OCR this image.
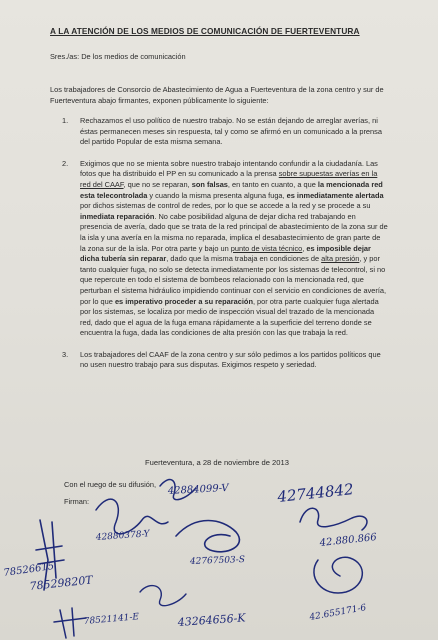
A LA ATENCIÓN DE LOS MEDIOS DE COMUNICACIÓN DE FUERTEVENTURA
Sres./as: De los medios de comunicación

Los trabajadores de Consorcio de Abastecimiento de Agua a Fuerteventura de la zona centro y sur de Fuerteventura abajo firmantes, exponen públicamente lo siguiente:

1. Rechazamos el uso político de nuestro trabajo. No se están dejando de arreglar averías, ni éstas permanecen meses sin respuesta, tal y como se afirmó en un comunicado a la prensa del partido Popular de esta misma semana.

2. Exigimos que no se mienta sobre nuestro trabajo intentando confundir a la ciudadanía. Las fotos que ha distribuido el PP en su comunicado a la prensa sobre supuestas averías en la red del CAAF, que no se reparan, son falsas, en tanto en cuanto, a que la mencionada red esta telecontrolada y cuando la misma presenta alguna fuga, es inmediatamente alertada por dichos sistemas de control de redes, por lo que se accede a la red y se procede a su inmediata reparación. No cabe posibilidad alguna de dejar dicha red trabajando en presencia de avería, dado que se trata de la red principal de abastecimiento de la zona sur de la isla y una avería en la misma no reparada, implica el desabastecimiento de gran parte de la zona sur de la isla. Por otra parte y bajo un punto de vista técnico, es imposible dejar dicha tubería sin reparar, dado que la misma trabaja en condiciones de alta presión, y por tanto cualquier fuga, no solo se detecta inmediatamente por los sistemas de telecontrol, si no que repercute en todo el sistema de bombeos relacionado con la mencionada red, que perturban el sistema hidráulico impidiendo continuar con el servicio en condiciones de avería, por lo que es imperativo proceder a su reparación, por otra parte cualquier fuga alertada por los sistemas, se localiza por medio de inspección visual del trazado de la mencionada red, dado que el agua de la fuga emana rápidamente a la superficie del terreno donde se encuentra la fuga, dada las condiciones de alta presión con las que trabaja la red.

3. Los trabajadores del CAAF de la zona centro y sur sólo pedimos a los partidos políticos que no usen nuestro trabajo para sus disputas. Exigimos respeto y seriedad.

Fuerteventura, a 28 de noviembre de 2013
Con el ruego de su difusión,
Firman:
42884099-V	42744842
42880378-Y	42.880.866
42767503-S
78526615
78529820T
78521141-E	43264656-K	42.655171-6
